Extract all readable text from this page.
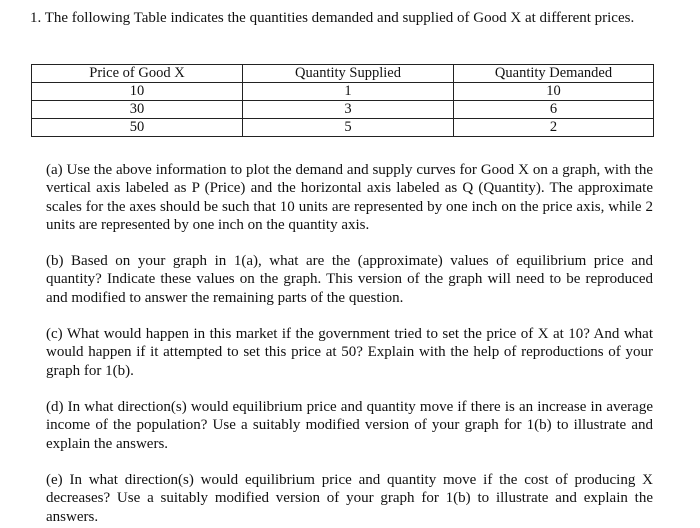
1. The following Table indicates the quantities demanded and supplied of Good X at different prices.
Price of Good X	Quantity Supplied	Quantity Demanded
10	1	10
30	3	6
50	5	2
(a) Use the above information to plot the demand and supply curves for Good X on a graph, with the vertical axis labeled as P (Price) and the horizontal axis labeled as Q (Quantity). The approximate scales for the axes should be such that 10 units are represented by one inch on the price axis, while 2 units are represented by one inch on the quantity axis.
(b) Based on your graph in 1(a), what are the (approximate) values of equilibrium price and quantity? Indicate these values on the graph. This version of the graph will need to be reproduced and modified to answer the remaining parts of the question.
(c) What would happen in this market if the government tried to set the price of X at 10? And what would happen if it attempted to set this price at 50? Explain with the help of reproductions of your graph for 1(b).
(d) In what direction(s) would equilibrium price and quantity move if there is an increase in average income of the population? Use a suitably modified version of your graph for 1(b) to illustrate and explain the answers.
(e) In what direction(s) would equilibrium price and quantity move if the cost of producing X decreases? Use a suitably modified version of your graph for 1(b) to illustrate and explain the answers.
